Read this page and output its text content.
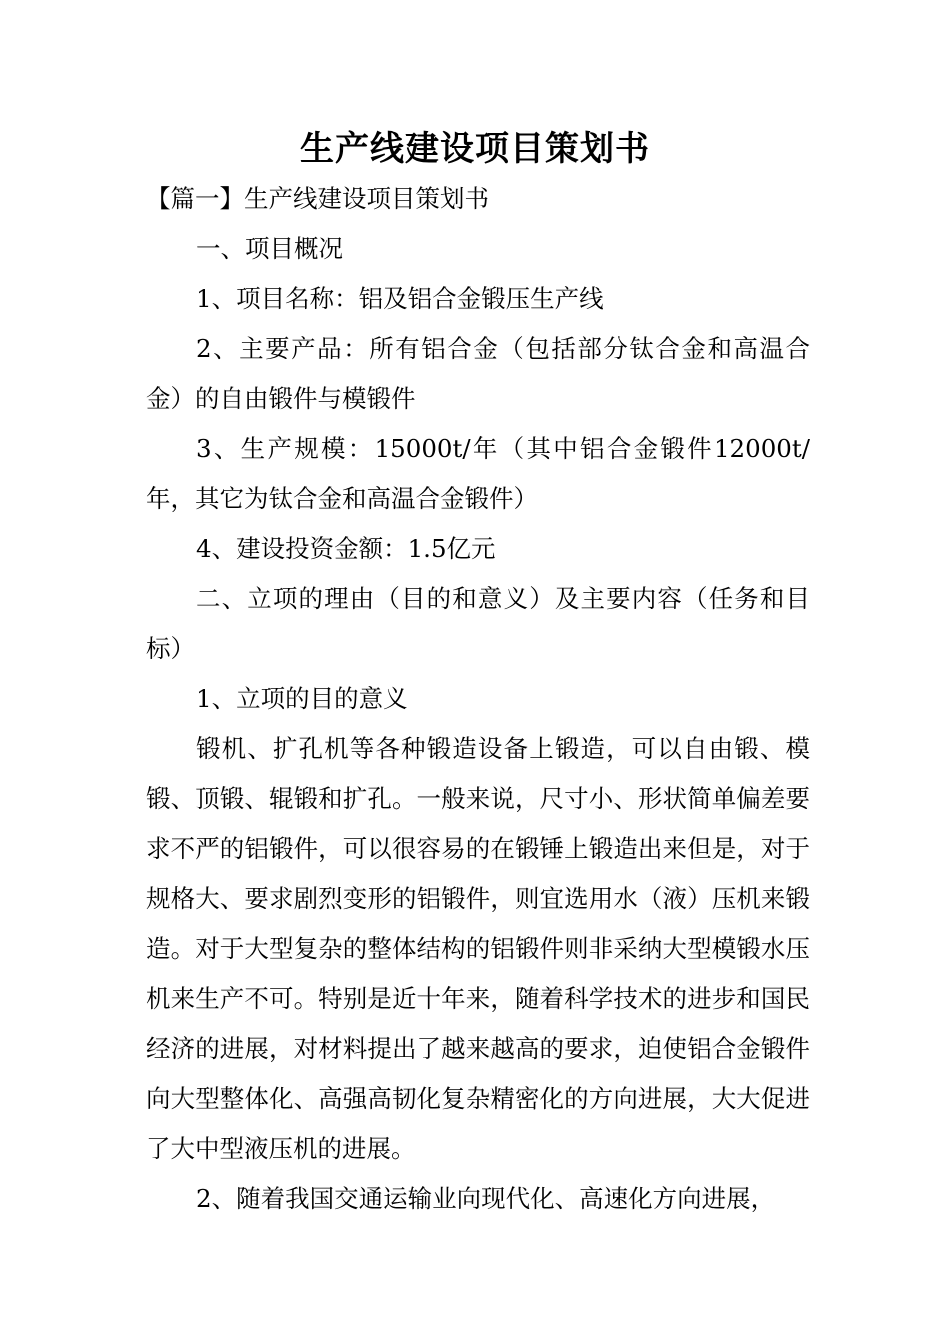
生产线建设项目策划书

【篇一】生产线建设项目策划书

一、项目概况

1、项目名称：铝及铝合金锻压生产线

2、主要产品：所有铝合金（包括部分钛合金和高温合金）的自由锻件与模锻件

3、生产规模：15000t/年（其中铝合金锻件12000t/年，其它为钛合金和高温合金锻件）

4、建设投资金额：1.5亿元

二、立项的理由（目的和意义）及主要内容（任务和目标）

1、立项的目的意义

锻机、扩孔机等各种锻造设备上锻造，可以自由锻、模锻、顶锻、辊锻和扩孔。一般来说，尺寸小、形状简单偏差要求不严的铝锻件，可以很容易的在锻锤上锻造出来但是，对于规格大、要求剧烈变形的铝锻件，则宜选用水（液）压机来锻造。对于大型复杂的整体结构的铝锻件则非采纳大型模锻水压机来生产不可。特别是近十年来，随着科学技术的进步和国民经济的进展，对材料提出了越来越高的要求，迫使铝合金锻件向大型整体化、高强高韧化复杂精密化的方向进展，大大促进了大中型液压机的进展。

2、随着我国交通运输业向现代化、高速化方向进展，
